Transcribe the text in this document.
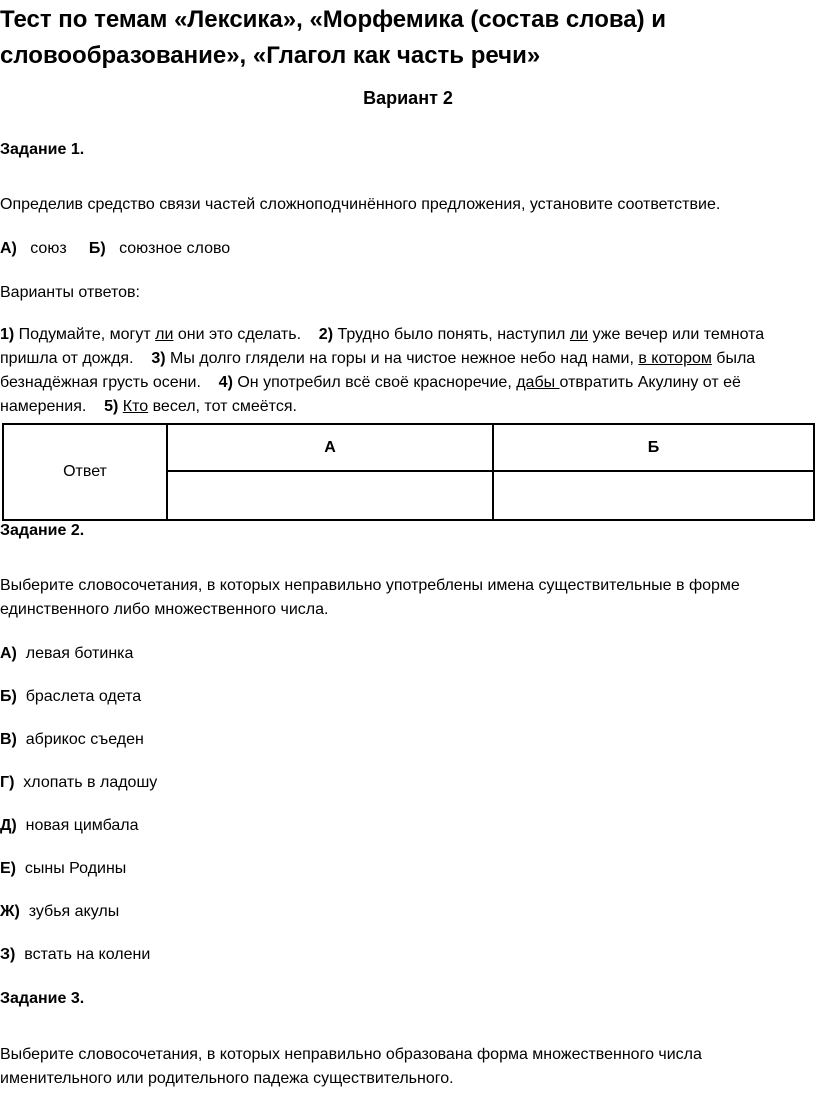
Тест по темам «Лексика», «Морфемика (состав слова) и словообразование», «Глагол как часть речи»
Вариант 2
Задание 1.
Определив средство связи частей сложноподчинённого предложения, установите соответствие.
А) союз Б) союзное слово
Варианты ответов:
1) Подумайте, могут ли они это сделать. 2) Трудно было понять, наступил ли уже вечер или темнота пришла от дождя. 3) Мы долго глядели на горы и на чистое нежное небо над нами, в котором была безнадёжная грусть осени. 4) Он употребил всё своё красноречие, дабы отвратить Акулину от её намерения. 5) Кто весел, тот смеётся.
Ответ	А	Б

Задание 2.
Выберите словосочетания, в которых неправильно употреблены имена существительные в форме единственного либо множественного числа.
А) левая ботинка
Б) браслета одета
В) абрикос съеден
Г) хлопать в ладошу
Д) новая цимбала
Е) сыны Родины
Ж) зубья акулы
З) встать на колени
Задание 3.
Выберите словосочетания, в которых неправильно образована форма множественного числа именительного или родительного падежа существительного.
